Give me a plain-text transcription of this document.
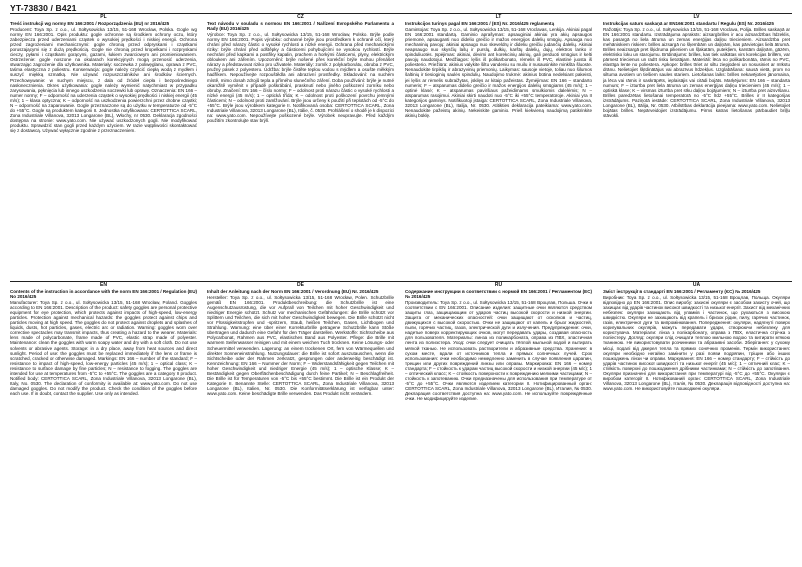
YT-73830 / B421
PL
Treść instrukcji wg normy EN 166:2001 / Rozporządzenia (EU) nr 2016/425
Producent: Toya Sp. z o.o., ul. Sołtysowicka 13/15, 51-168 Wrocław, Polska. Gogle wg normy EN 166:2001. Opis produktu: gogle ochronne są środkiem ochrony oczu, który zabezpiecza przed uderzeniami cząstek o wysokiej prędkości i niskiej energii. Ochrona przed zagrożeniami mechanicznymi: gogle chronią przed odpryskami i cząstkami poruszającymi się z dużą prędkością. Gogle nie chronią przed kropelkami i rozpryskami cieczy, pyłami i cząstkami gorącymi, gazami, łukiem zwarciowym ani promieniowaniem. Ostrzeżenie: gogle noszone na okularach korekcyjnych mogą przenosić uderzenia, stwarzając zagrożenie dla użytkownika. Materiały: soczewka z poliwęglanu, oprawa z PVC, taśma elastyczna z poliestru. Konserwacja: gogle należy czyścić ciepłą wodą z mydłem i suszyć miękką szmatką. Nie używać rozpuszczalników ani środków ściernych. Przechowywanie: w suchym miejscu, z dala od źródeł ciepła i bezpośredniego nasłonecznienia. Okres użytkowania: gogle należy wymienić natychmiast w przypadku zarysowania, pęknięcia lub innego uszkodzenia soczewki lub oprawy. Oznaczenia: EN 166 – numer normy; F – odporność na uderzenia cząstek o wysokiej prędkości i niskiej energii (45 m/s); 1 – klasa optyczna; K – odporność na uszkodzenia powierzchni przez drobne cząstki; N – odporność na zaparowanie. Gogle przeznaczone są do użytku w temperaturze od -5°C do +55°C. Gogle są produktem kategorii II. Jednostka notyfikowana: CERTOTTICA SCARL, Zona Industriale Villanova, 32013 Longarone (BL), Włochy, nr 0530. Deklaracja zgodności dostępna na stronie: www.yato.com. Nie używać uszkodzonych gogli. Nie modyfikować produktu. Sprawdzić stan gogli przed każdym użyciem. W razie wątpliwości skontaktować się z dostawcą. Używać wyłącznie zgodnie z przeznaczeniem.
CZ
Text návodu v souladu s normou EN 166:2001 / Nařízení Evropského Parlamentu a Rady (EU) 2016/425
Výrobce: Toya Sp. z o.o., ul. Sołtysowicka 13/15, 51-168 Wrocław, Polsko. Brýle podle normy EN 166:2001. Popis výrobku: ochranné brýle jsou prostředkem k ochraně očí, který chrání před nárazy částic o vysoké rychlosti a nízké energii. Ochrana před mechanickými riziky: brýle chrání před odštěpky a částicemi pohybujícími se vysokou rychlostí. Brýle nechrání před kapkami a postřiky kapalin, prachem a horkými částicemi, plyny, elektrickým obloukem ani zářením. Upozornění: brýle nošené přes korekční brýle mohou přenášet nárazy a představovat riziko pro uživatele. Materiály: zorník z polykarbonátu, obruba z PVC, pružný pásek z polyesteru. Údržba: brýle čistěte teplou vodou s mýdlem a osušte měkkým hadříkem. Nepoužívejte rozpouštědla ani abrazivní prostředky. Skladování: na suchém místě, mimo dosah zdrojů tepla a přímého slunečního záření. Doba používání: brýle je nutné okamžitě vyměnit v případě poškrábání, prasknutí nebo jiného poškození zorníku nebo obruby. Značení: EN 166 – číslo normy; F – odolnost proti nárazu částic o vysoké rychlosti a nízké energii (45 m/s); 1 – optická třída; K – odolnost proti poškození povrchu jemnými částicemi; N – odolnost proti zamlžování. Brýle jsou určeny k použití při teplotách od -5°C do +55°C. Brýle jsou výrobkem kategorie II. Notifikovaná osoba: CERTOTTICA SCARL, Zona Industriale Villanova, 32013 Longarone (BL), Itálie, č. 0530. Prohlášení o shodě je k dispozici na: www.yato.com. Nepoužívejte poškozené brýle. Výrobek neupravujte. Před každým použitím zkontrolujte stav brýlí.
LT
Instrukcijos turinys pagal EN 166:2001 / (ES) Nr. 2016/425 reglamentą
Gamintojas: Toya Sp. z o.o., ul. Sołtysowicka 13/15, 51-168 Vroclavas, Lenkija. Akiniai pagal EN 166:2001 standartą. Gaminio aprašymas: apsauginiai akiniai yra akių apsaugos priemonė, apsauganti nuo didelio greičio ir mažos energijos dalelių smūgių. Apsauga nuo mechaninių pavojų: akiniai apsaugo nuo skeveldrų ir dideliu greičiu judančių dalelių. Akiniai neapsaugo nuo skysčių lašų ir purslų, dulkių, karštų dalelių, dujų, elektros lanko ir spinduliuotės. Įspėjimas: akiniai, dėvimi ant korekcinių akinių, gali perduoti smūgius ir kelti pavojų naudotojui. Medžiagos: lęšis iš polikarbonato, rėmelis iš PVC, elastinė juosta iš poliesterio. Priežiūra: akinius valykite šiltu vandeniu su muilu ir nusausinkite minkšta šluoste. Nenaudokite tirpiklių ir abrazyvinių priemonių. Laikymas: sausoje vietoje, toliau nuo šilumos šaltinių ir tiesioginių saulės spindulių. Naudojimo trukmė: akinius būtina nedelsiant pakeisti, jei lęšis ar rėmelis subraižytas, įskilęs ar kitaip pažeistas. Žymėjimas: EN 166 – standarto numeris; F – atsparumas didelio greičio ir mažos energijos dalelių smūgiams (45 m/s); 1 – optinė klasė; K – atsparumas paviršiaus pažeidimams smulkiomis dalelėmis; N – atsparumas rasojimui. Akiniai skirti naudoti nuo -5°C iki +55°C temperatūroje. Akiniai yra II kategorijos gaminys. Notifikuotoji įstaiga: CERTOTTICA SCARL, Zona Industriale Villanova, 32013 Longarone (BL), Italija, Nr. 0530. Atitikties deklaracija pateikiama: www.yato.com. Nenaudokite pažeistų akinių. Nekeiskite gaminio. Prieš kiekvieną naudojimą patikrinkite akinių būklę.
LV
Instrukcijas saturs saskaņā ar EN166:2001 standartu / Regulu (ES) Nr. 2016/425
Ražotājs: Toya Sp. z o.o., ul. Sołtysowicka 13/15, 51-168 Vroclava, Polija. Brilles saskaņā ar EN 166:2001 standartu. Izstrādājuma apraksts: aizsargbrilles ir acu aizsardzības līdzeklis, kas pasargā no liela ātruma un zemas enerģijas daļiņu triecieniem. Aizsardzība pret mehāniskiem riskiem: brilles aizsargā no šķembām un daļiņām, kas pārvietojas lielā ātrumā. Brilles neaizsargā pret šķidruma pilieniem un šļakatām, putekļiem, karstām daļiņām, gāzēm, elektrisko loku un starojumu. Brīdinājums: brilles, kas tiek valkātas virs korekcijas brillēm, var pārnest triecienus un radīt risku lietotājam. Materiāli: lēca no polikarbonāta, rāmis no PVC, elastīga lente no poliestera. Apkope: brilles tīriet ar siltu ziepjūdeni un nosusiniet ar mīkstu drānu. Nelietojiet šķīdinātājus vai abrazīvus līdzekļus. Uzglabāšana: sausā vietā, prom no siltuma avotiem un tiešiem saules stariem. Lietošanas laiks: brilles nekavējoties jānomaina, ja lēca vai rāmis ir saskrāpēts, ieplaisājis vai citādi bojāts. Marķējums: EN 166 – standarta numurs; F – izturība pret liela ātruma un zemas enerģijas daļiņu triecieniem (45 m/s); 1 – optiskā klase; K – virsmas izturība pret sīku daļiņu bojājumiem; N – izturība pret aizsvīšanu. Brilles paredzētas lietošanai temperatūrā no -5°C līdz +55°C. Brilles ir II kategorijas izstrādājums. Paziņotā iestāde: CERTOTTICA SCARL, Zona Industriale Villanova, 32013 Longarone (BL), Itālija, Nr. 0530. Atbilstības deklarācija pieejama: www.yato.com. Nelietojiet bojātas brilles. Nepārveidojiet izstrādājumu. Pirms katras lietošanas pārbaudiet briļļu stāvokli.
EN
Contents of the instruction in accordance with the norm EN 166:2001 / Regulation (EU) No 2016/425
Manufacturer: Toya Sp. z o.o., ul. Sołtysowicka 13/15, 51-168 Wrocław, Poland. Goggles according to EN 166:2001. Description of the product: safety goggles are personal protective equipment for eye protection, which protects against impacts of high-speed, low-energy particles. Protection against mechanical hazards: the goggles protect against chips and particles moving at high speed. The goggles do not protect against droplets and splashes of liquids, dusts, hot particles, gases, electric arc or radiation. Warning: goggles worn over corrective spectacles may transmit impacts, thus creating a hazard to the wearer. Materials: lens made of polycarbonate, frame made of PVC, elastic strap made of polyester. Maintenance: clean the goggles with warm soapy water and dry with a soft cloth. Do not use solvents or abrasive agents. Storage: in a dry place, away from heat sources and direct sunlight. Period of use: the goggles must be replaced immediately if the lens or frame is scratched, cracked or otherwise damaged. Markings: EN 166 – number of the standard; F – resistance to impact of high-speed, low-energy particles (45 m/s); 1 – optical class; K – resistance to surface damage by fine particles; N – resistance to fogging. The goggles are intended for use at temperatures from -5°C to +55°C. The goggles are a category II product. Notified body: CERTOTTICA SCARL, Zona Industriale Villanova, 32013 Longarone (BL), Italy, No. 0530. The declaration of conformity is available at: www.yato.com. Do not use damaged goggles. Do not modify the product. Check the condition of the goggles before each use. If in doubt, contact the supplier. Use only as intended.
DE
Inhalt der Anleitung nach der Norm EN 166:2001 / Verordnung (EU) Nr. 2016/425
Hersteller: Toya Sp. z o.o., ul. Sołtysowicka 13/15, 51-168 Wrocław, Polen. Schutzbrille gemäß EN 166:2001. Produktbeschreibung: die Schutzbrille ist eine Augenschutzausrüstung, die vor Aufprall von Teilchen mit hoher Geschwindigkeit und niedriger Energie schützt. Schutz vor mechanischen Gefährdungen: die Brille schützt vor Splittern und Teilchen, die sich mit hoher Geschwindigkeit bewegen. Die Brille schützt nicht vor Flüssigkeitstropfen und -spritzern, Staub, heißen Teilchen, Gasen, Lichtbogen und Strahlung. Warnung: eine über einer Korrekturbrille getragene Schutzbrille kann Stöße übertragen und dadurch eine Gefahr für den Träger darstellen. Werkstoffe: Sichtscheibe aus Polycarbonat, Rahmen aus PVC, elastisches Band aus Polyester. Pflege: die Brille mit warmem Seifenwasser reinigen und mit einem weichen Tuch trocknen. Keine Lösungs- oder Scheuermittel verwenden. Lagerung: an einem trockenen Ort, fern von Wärmequellen und direkter Sonneneinstrahlung. Nutzungsdauer: die Brille ist sofort auszutauschen, wenn die Sichtscheibe oder der Rahmen zerkratzt, gesprungen oder anderweitig beschädigt ist. Kennzeichnung: EN 166 – Nummer der Norm; F – Widerstandsfähigkeit gegen Teilchen mit hoher Geschwindigkeit und niedriger Energie (45 m/s); 1 – optische Klasse; K – Beständigkeit gegen Oberflächenbeschädigung durch feine Partikel; N – Beschlagfreiheit. Die Brille ist für Temperaturen von -5°C bis +55°C bestimmt. Die Brille ist ein Produkt der Kategorie II. Benannte Stelle: CERTOTTICA SCARL, Zona Industriale Villanova, 32013 Longarone (BL), Italien, Nr. 0530. Die Konformitätserklärung ist verfügbar unter: www.yato.com. Keine beschädigte Brille verwenden. Das Produkt nicht verändern.
RU
Содержание инструкции в соответствии с нормой EN 166:2001 / Регламентом (ЕС) № 2016/425
Производитель: Toya Sp. z o.o., ul. Sołtysowicka 13/15, 51-168 Вроцлав, Польша. Очки в соответствии с EN 166:2001. Описание изделия: защитные очки являются средством защиты глаз, защищающим от ударов частиц высокой скорости и низкой энергии. Защита от механических опасностей: очки защищают от осколков и частиц, движущихся с высокой скоростью. Очки не защищают от капель и брызг жидкостей, пыли, горячих частиц, газов, электрической дуги и излучения. Предупреждение: очки, надетые поверх корректирующих очков, могут передавать удары, создавая опасность для пользователя. Материалы: линза из поликарбоната, оправа из ПВХ, эластичная лента из полиэстера. Уход: очки следует очищать тёплой мыльной водой и вытирать мягкой тканью. Не использовать растворители и абразивные средства. Хранение: в сухом месте, вдали от источников тепла и прямых солнечных лучей. Срок использования: очки необходимо немедленно заменить в случае появления царапин, трещин или других повреждений линзы или оправы. Маркировка: EN 166 – номер стандарта; F – стойкость к ударам частиц высокой скорости и низкой энергии (45 м/с); 1 – оптический класс; K – стойкость поверхности к повреждению мелкими частицами; N – стойкость к запотеванию. Очки предназначены для использования при температуре от -5°C до +55°C. Очки являются изделием категории II. Нотифицированный орган: CERTOTTICA SCARL, Zona Industriale Villanova, 32013 Longarone (BL), Италия, № 0530. Декларация соответствия доступна на: www.yato.com. Не используйте повреждённые очки. Не модифицируйте изделие.
UA
Зміст інструкції в стандарті EN 166:2001 / Регламенту (ЄС) № 2016/425
Виробник: Toya Sp. z o.o., ul. Sołtysowicka 13/15, 51-168 Вроцлав, Польща. Окуляри відповідно до EN 166:2001. Опис виробу: захисні окуляри є засобом захисту очей, що захищає від ударів частинок високої швидкості та низької енергії. Захист від механічних небезпек: окуляри захищають від уламків і частинок, що рухаються з високою швидкістю. Окуляри не захищають від крапель і бризок рідин, пилу, гарячих частинок, газів, електричної дуги та випромінювання. Попередження: окуляри, надягнуті поверх коригувальних окулярів, можуть передавати удари, створюючи небезпеку для користувача. Матеріали: лінза з полікарбонату, оправа з ПВХ, еластична стрічка з поліестеру. Догляд: окуляри слід очищати теплою мильною водою та витирати м'якою тканиною. Не використовувати розчинники та абразивні засоби. Зберігання: у сухому місці, подалі від джерел тепла та прямих сонячних променів. Термін використання: окуляри необхідно негайно замінити у разі появи подряпин, тріщин або інших пошкоджень лінзи чи оправи. Маркування: EN 166 – номер стандарту; F – стійкість до ударів частинок високої швидкості та низької енергії (45 м/с); 1 – оптичний клас; K – стійкість поверхні до пошкодження дрібними частинками; N – стійкість до запотівання. Окуляри призначені для використання при температурі від -5°C до +55°C. Окуляри є виробом категорії II. Нотифікований орган: CERTOTTICA SCARL, Zona Industriale Villanova, 32013 Longarone (BL), Італія, № 0530. Декларація відповідності доступна на: www.yato.com. Не використовуйте пошкоджені окуляри.
